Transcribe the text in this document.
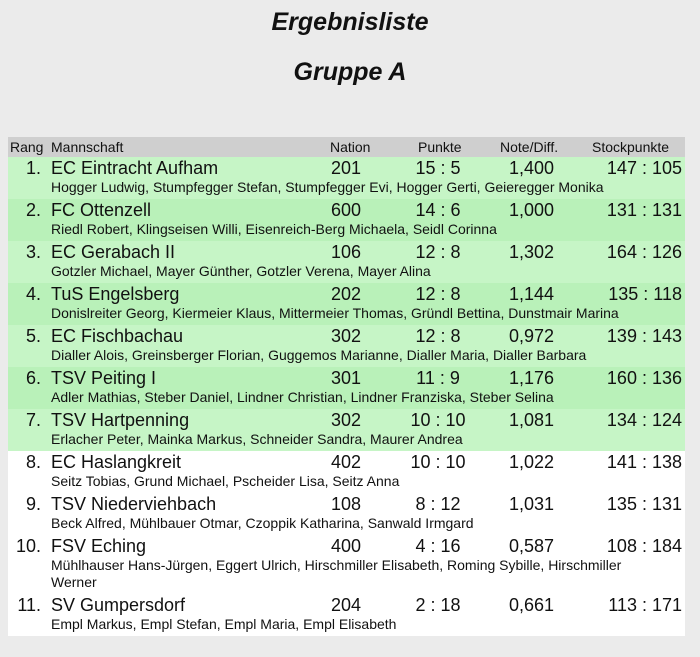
Ergebnisliste
Gruppe A
Rang Mannschaft	Nation	Punkte	Note/Diff. Stockpunkte
1. EC Eintracht Aufham	201	15 : 5	1,400	147 : 105
Hogger Ludwig, Stumpfegger Stefan, Stumpfegger Evi, Hogger Gerti, Geieregger Monika
2. FC Ottenzell	600	14 : 6	1,000	131 : 131
Riedl Robert, Klingseisen Willi, Eisenreich-Berg Michaela, Seidl Corinna
3. EC Gerabach II	106	12 : 8	1,302	164 : 126
Gotzler Michael, Mayer Günther, Gotzler Verena, Mayer Alina
4. TuS Engelsberg	202	12 : 8	1,144	135 : 118
Donislreiter Georg, Kiermeier Klaus, Mittermeier Thomas, Gründl Bettina, Dunstmair Marina
5. EC Fischbachau	302	12 : 8	0,972	139 : 143
Dialler Alois, Greinsberger Florian, Guggemos Marianne, Dialler Maria, Dialler Barbara
6. TSV Peiting I	301	11 : 9	1,176	160 : 136
Adler Mathias, Steber Daniel, Lindner Christian, Lindner Franziska, Steber Selina
7. TSV Hartpenning	302	10 : 10	1,081	134 : 124
Erlacher Peter, Mainka Markus, Schneider Sandra, Maurer Andrea
8. EC Haslangkreit	402	10 : 10	1,022	141 : 138
Seitz Tobias, Grund Michael, Pscheider Lisa, Seitz Anna
9. TSV Niederviehbach	108	8 : 12	1,031	135 : 131
Beck Alfred, Mühlbauer Otmar, Czoppik Katharina, Sanwald Irmgard
10. FSV Eching	400	4 : 16	0,587	108 : 184
Mühlhauser Hans-Jürgen, Eggert Ulrich, Hirschmiller Elisabeth, Roming Sybille, Hirschmiller Werner
11. SV Gumpersdorf	204	2 : 18	0,661	113 : 171
Empl Markus, Empl Stefan, Empl Maria, Empl Elisabeth
